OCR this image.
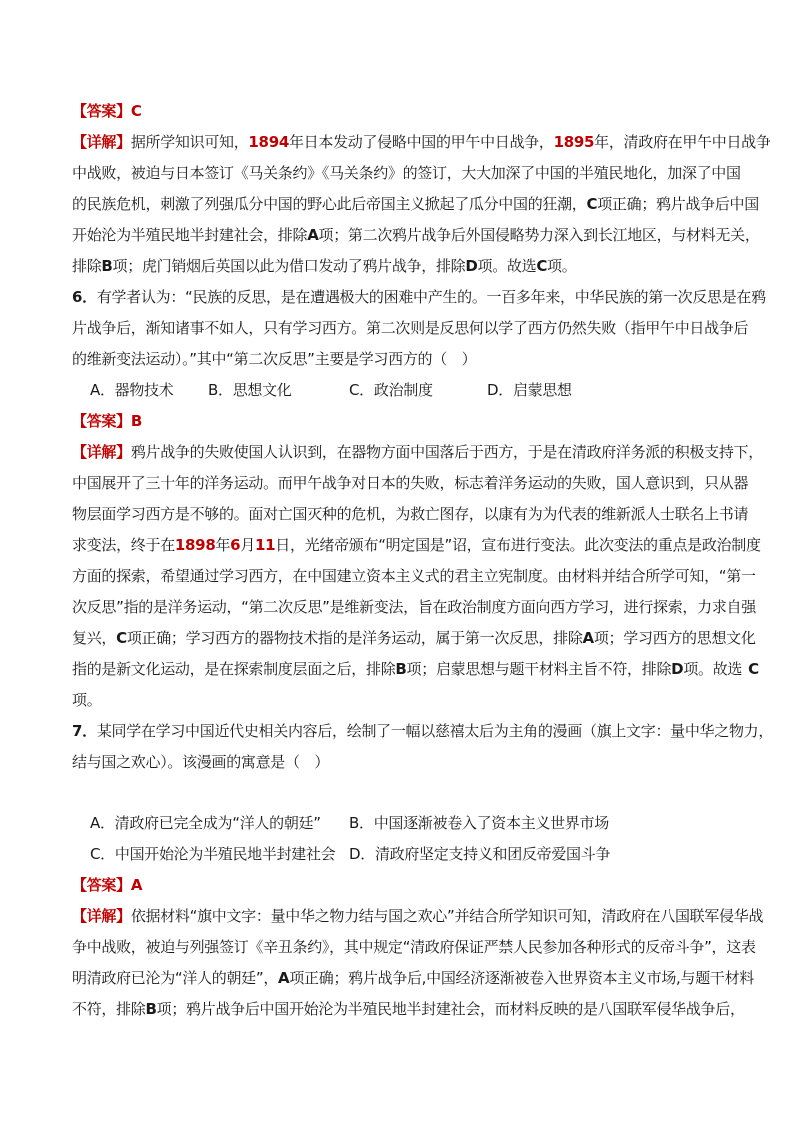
【答案】C
【详解】据所学知识可知，1894年日本发动了侵略中国的甲午中日战争，1895年，清政府在甲午中日战争
中战败，被迫与日本签订《马关条约》《马关条约》的签订，大大加深了中国的半殖民地化，加深了中国
的民族危机，刺激了列强瓜分中国的野心此后帝国主义掀起了瓜分中国的狂潮，C项正确；鸦片战争后中国
开始沦为半殖民地半封建社会，排除A项；第二次鸦片战争后外国侵略势力深入到长江地区，与材料无关，
排除B项；虎门销烟后英国以此为借口发动了鸦片战争，排除D项。故选C项。
6．有学者认为：“民族的反思，是在遭遇极大的困难中产生的。一百多年来，中华民族的第一次反思是在鸦
片战争后，渐知诸事不如人，只有学习西方。第二次则是反思何以学了西方仍然失败（指甲午中日战争后
的维新变法运动）。”其中“第二次反思”主要是学习西方的（　）
A．器物技术 B．思想文化	C．政治制度	D．启蒙思想
【答案】B
【详解】鸦片战争的失败使国人认识到，在器物方面中国落后于西方，于是在清政府洋务派的积极支持下，
中国展开了三十年的洋务运动。而甲午战争对日本的失败，标志着洋务运动的失败，国人意识到，只从器
物层面学习西方是不够的。面对亡国灭种的危机，为救亡图存，以康有为为代表的维新派人士联名上书请
求变法，终于在1898年6月11日，光绪帝颁布“明定国是”诏，宣布进行变法。此次变法的重点是政治制度
方面的探索，希望通过学习西方，在中国建立资本主义式的君主立宪制度。由材料并结合所学可知，“第一
次反思”指的是洋务运动，“第二次反思”是维新变法，旨在政治制度方面向西方学习，进行探索，力求自强
复兴，C项正确；学习西方的器物技术指的是洋务运动，属于第一次反思，排除A项；学习西方的思想文化
指的是新文化运动，是在探索制度层面之后，排除B项；启蒙思想与题干材料主旨不符，排除D项。故选 C
项。
7．某同学在学习中国近代史相关内容后，绘制了一幅以慈禧太后为主角的漫画（旗上文字：量中华之物力，
结与国之欢心）。该漫画的寓意是（　）
A．清政府已完全成为“洋人的朝廷” B．中国逐渐被卷入了资本主义世界市场
C．中国开始沦为半殖民地半封建社会 D．清政府坚定支持义和团反帝爱国斗争
【答案】A
【详解】依据材料“旗中文字：量中华之物力结与国之欢心”并结合所学知识可知，清政府在八国联军侵华战
争中战败，被迫与列强签订《辛丑条约》，其中规定“清政府保证严禁人民参加各种形式的反帝斗争”，这表
明清政府已沦为“洋人的朝廷”，A项正确；鸦片战争后,中国经济逐渐被卷入世界资本主义市场,与题干材料
不符，排除B项；鸦片战争后中国开始沦为半殖民地半封建社会，而材料反映的是八国联军侵华战争后，
